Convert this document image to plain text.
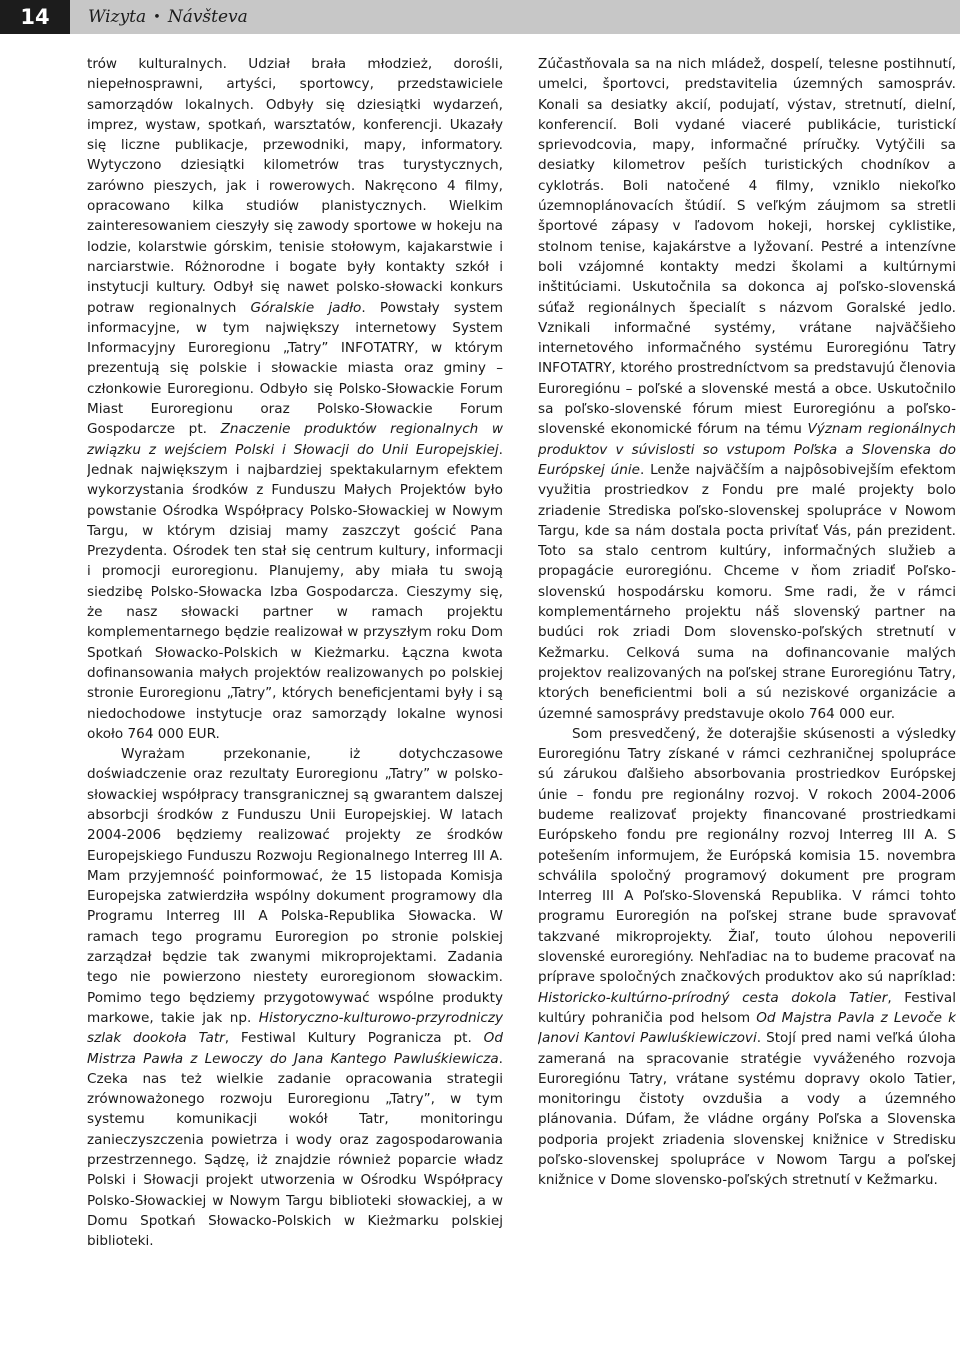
14	Wizyta • Návšteva

trów kulturalnych. Udział brała młodzież, dorośli, niepełnosprawni, artyści, sportowcy, przedstawiciele samorządów lokalnych. Odbyły się dziesiątki wydarzeń, imprez, wystaw, spotkań, warsztatów, konferencji. Ukazały się liczne publikacje, przewodniki, mapy, informatory. Wytyczono dziesiątki kilometrów tras turystycznych, zarówno pieszych, jak i rowerowych. Nakręcono 4 filmy, opracowano kilka studiów planistycznych. Wielkim zainteresowaniem cieszyły się zawody sportowe w hokeju na lodzie, kolarstwie górskim, tenisie stołowym, kajakarstwie i narciarstwie. Różnorodne i bogate były kontakty szkół i instytucji kultury. Odbył się nawet polsko-słowacki konkurs potraw regionalnych Góralskie jadło. Powstały system informacyjne, w tym największy internetowy System Informacyjny Euroregionu „Tatry” INFOTATRY, w którym prezentują się polskie i słowackie miasta oraz gminy – członkowie Euroregionu. Odbyło się Polsko-Słowackie Forum Miast Euroregionu oraz Polsko-Słowackie Forum Gospodarcze pt. Znaczenie produktów regionalnych w związku z wejściem Polski i Słowacji do Unii Europejskiej. Jednak największym i najbardziej spektakularnym efektem wykorzystania środków z Funduszu Małych Projektów było powstanie Ośrodka Współpracy Polsko-Słowackiej w Nowym Targu, w którym dzisiaj mamy zaszczyt gościć Pana Prezydenta. Ośrodek ten stał się centrum kultury, informacji i promocji euroregionu. Planujemy, aby miała tu swoją siedzibę Polsko-Słowacka Izba Gospodarcza. Cieszymy się, że nasz słowacki partner w ramach projektu komplementarnego będzie realizował w przyszłym roku Dom Spotkań Słowacko-Polskich w Kieżmarku. Łączna kwota dofinansowania małych projektów realizowanych po polskiej stronie Euroregionu „Tatry”, których beneficjentami były i są niedochodowe instytucje oraz samorządy lokalne wynosi około 764 000 EUR.

Wyrażam przekonanie, iż dotychczasowe doświadczenie oraz rezultaty Euroregionu „Tatry” w polsko-słowackiej współpracy transgranicznej są gwarantem dalszej absorbcji środków z Funduszu Unii Europejskiej. W latach 2004-2006 będziemy realizować projekty ze środków Europejskiego Funduszu Rozwoju Regionalnego Interreg III A. Mam przyjemność poinformować, że 15 listopada Komisja Europejska zatwierdziła wspólny dokument programowy dla Programu Interreg III A Polska-Republika Słowacka. W ramach tego programu Euroregion po stronie polskiej zarządzał będzie tak zwanymi mikroprojektami. Zadania tego nie powierzono niestety euroregionom słowackim. Pomimo tego będziemy przygotowywać wspólne produkty markowe, takie jak np. Historyczno-kulturowo-przyrodniczy szlak dookoła Tatr, Festiwal Kultury Pogranicza pt. Od Mistrza Pawła z Lewoczy do Jana Kantego Pawluśkiewicza. Czeka nas też wielkie zadanie opracowania strategii zrównoważonego rozwoju Euroregionu „Tatry”, w tym systemu komunikacji wokół Tatr, monitoringu zanieczyszczenia powietrza i wody oraz zagospodarowania przestrzennego. Sądzę, iż znajdzie również poparcie władz Polski i Słowacji projekt utworzenia w Ośrodku Współpracy Polsko-Słowackiej w Nowym Targu biblioteki słowackiej, a w Domu Spotkań Słowacko-Polskich w Kieżmarku polskiej biblioteki.

Zúčastňovala sa na nich mládež, dospelí, telesne postihnutí, umelci, športovci, predstavitelia územných samospráv. Konali sa desiatky akcií, podujatí, výstav, stretnutí, dielní, konferencií. Boli vydané viaceré publikácie, turistickí sprievodcovia, mapy, informačné príručky. Vytýčili sa desiatky kilometrov peších turistických chodníkov a cyklotrás. Boli natočené 4 filmy, vzniklo niekoľko územnoplánovacích štúdií. S veľkým záujmom sa stretli športové zápasy v ľadovom hokeji, horskej cyklistike, stolnom tenise, kajakárstve a lyžovaní. Pestré a intenzívne boli vzájomné kontakty medzi školami a kultúrnymi inštitúciami. Uskutočnila sa dokonca aj poľsko-slovenská súťaž regionálnych špecialít s názvom Goralské jedlo. Vznikali informačné systémy, vrátane najväčšieho internetového informačného systému Euroregiónu Tatry INFOTATRY, ktorého prostredníctvom sa predstavujú členovia Euroregiónu – poľské a slovenské mestá a obce. Uskutočnilo sa poľsko-slovenské fórum miest Euroregiónu a poľsko-slovenské ekonomické fórum na tému Význam regionálnych produktov v súvislosti so vstupom Poľska a Slovenska do Európskej únie. Lenže najväčším a najpôsobivejším efektom využitia prostriedkov z Fondu pre malé projekty bolo zriadenie Strediska poľsko-slovenskej spolupráce v Nowom Targu, kde sa nám dostala pocta privítať Vás, pán prezident. Toto sa stalo centrom kultúry, informačných služieb a propagácie euroregiónu. Chceme v ňom zriadiť Poľsko-slovenskú hospodársku komoru. Sme radi, že v rámci komplementárneho projektu náš slovenský partner na budúci rok zriadi Dom slovensko-poľských stretnutí v Kežmarku. Celková suma na dofinancovanie malých projektov realizovaných na poľskej strane Euroregiónu Tatry, ktorých beneficientmi boli a sú neziskové organizácie a územné samosprávy predstavuje okolo 764 000 eur.

Som presvedčený, že doterajšie skúsenosti a výsledky Euroregiónu Tatry získané v rámci cezhraničnej spolupráce sú zárukou ďalšieho absorbovania prostriedkov Európskej únie – fondu pre regionálny rozvoj. V rokoch 2004-2006 budeme realizovať projekty financované prostriedkami Európskeho fondu pre regionálny rozvoj Interreg III A. S potešením informujem, že Európská komisia 15. novembra schválila spoločný programový dokument pre program Interreg III A Poľsko-Slovenská Republika. V rámci tohto programu Euroregión na poľskej strane bude spravovať takzvané mikroprojekty. Žiaľ, touto úlohou nepoverili slovenské euroregióny. Nehľadiac na to budeme pracovať na príprave spoločných značkových produktov ako sú napríklad: Historicko-kultúrno-prírodný cesta dokola Tatier, Festival kultúry pohraničia pod helsom Od Majstra Pavla z Levoče k Janovi Kantovi Pawluśkiewiczovi. Stojí pred nami veľká úloha zameraná na spracovanie stratégie vyváženého rozvoja Euroregiónu Tatry, vrátane systému dopravy okolo Tatier, monitoringu čistoty ovzdušia a vody a územného plánovania. Dúfam, že vládne orgány Poľska a Slovenska podporia projekt zriadenia slovenskej knižnice v Stredisku poľsko-slovenskej spolupráce v Nowom Targu a poľskej knižnice v Dome slovensko-poľských stretnutí v Kežmarku.
